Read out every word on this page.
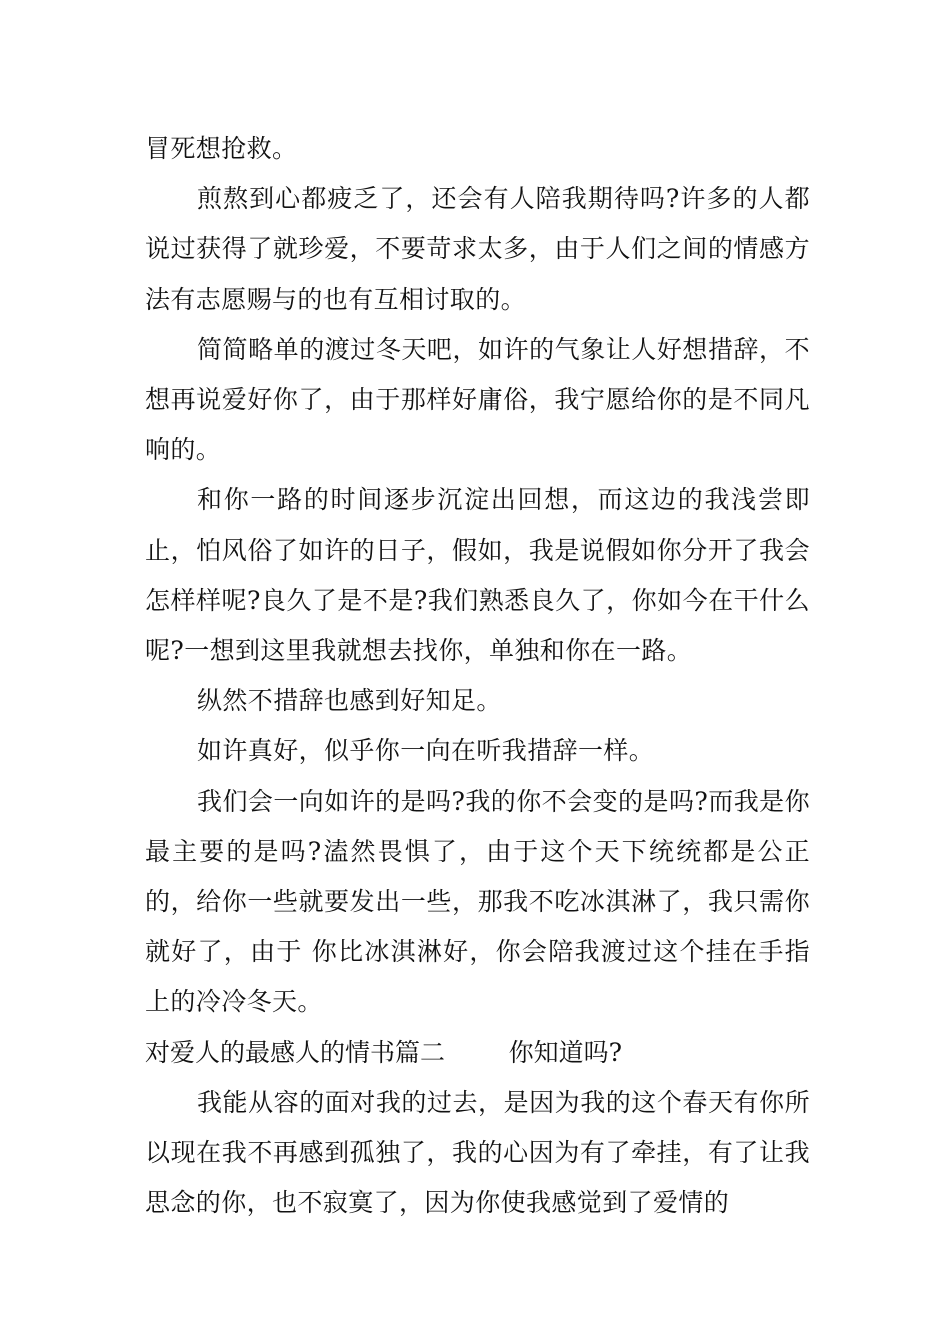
冒死想抢救。

煎熬到心都疲乏了，还会有人陪我期待吗?许多的人都说过获得了就珍爱，不要苛求太多，由于人们之间的情感方法有志愿赐与的也有互相讨取的。

简简略单的渡过冬天吧，如许的气象让人好想措辞，不想再说爱好你了，由于那样好庸俗，我宁愿给你的是不同凡响的。

和你一路的时间逐步沉淀出回想，而这边的我浅尝即止，怕风俗了如许的日子，假如，我是说假如你分开了我会怎样样呢?良久了是不是?我们熟悉良久了，你如今在干什么呢?一想到这里我就想去找你，单独和你在一路。

纵然不措辞也感到好知足。

如许真好，似乎你一向在听我措辞一样。

我们会一向如许的是吗?我的你不会变的是吗?而我是你最主要的是吗?溘然畏惧了，由于这个天下统统都是公正的，给你一些就要发出一些，那我不吃冰淇淋了，我只需你就好了，由于 你比冰淇淋好，你会陪我渡过这个挂在手指上的冷冷冬天。

对爱人的最感人的情书篇二        你知道吗?

我能从容的面对我的过去，是因为我的这个春天有你所以现在我不再感到孤独了，我的心因为有了牵挂，有了让我思念的你，也不寂寞了，因为你使我感觉到了爱情的
